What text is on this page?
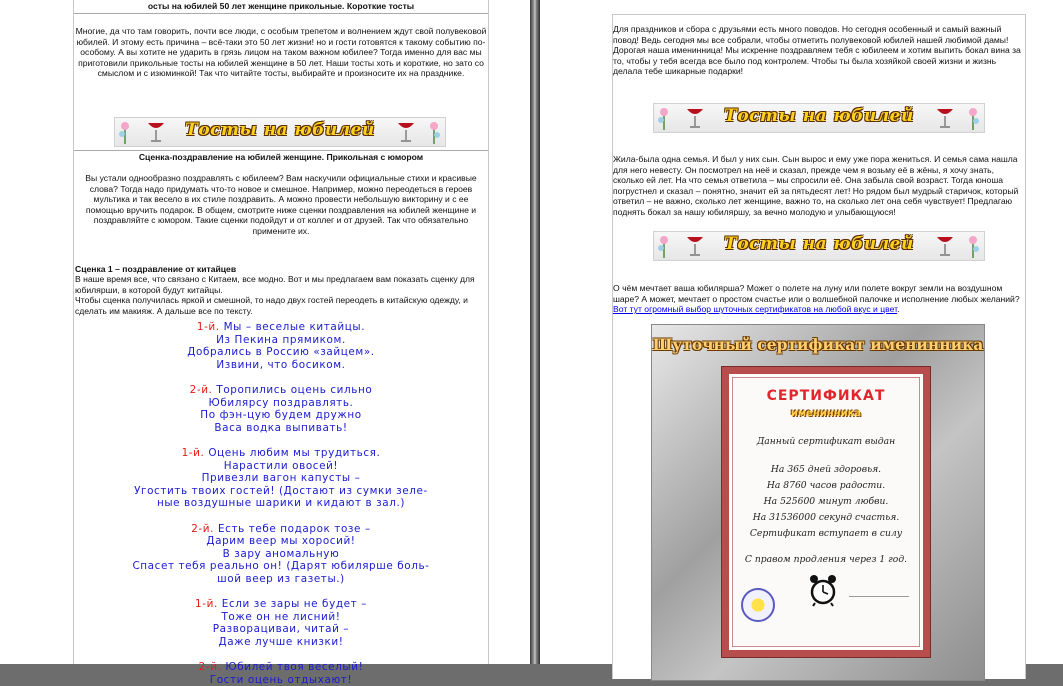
осты на юбилей 50 лет женщине прикольные. Короткие тосты
Многие, да что там говорить, почти все люди, с особым трепетом и волнением ждут свой полувековой юбилей. И этому есть причина – всё-таки это 50 лет жизни! но и гости готовятся к такому событию по-особому. А вы хотите не ударить в грязь лицом на таком важном юбилее? Тогда именно для вас мы приготовили прикольные тосты на юбилей женщине в 50 лет. Наши тосты хоть и короткие, но зато со смыслом и с изюминкой! Так что читайте тосты, выбирайте и произносите их на празднике.
Тосты на юбилей
Сценка-поздравление на юбилей женщине. Прикольная с юмором
Вы устали однообразно поздравлять с юбилеем? Вам наскучили официальные стихи и красивые слова? Тогда надо придумать что-то новое и смешное. Например, можно переодеться в героев мультика и так весело в их стиле поздравить. А можно провести небольшую викторину и с ее помощью вручить подарок. В общем, смотрите ниже сценки поздравления на юбилей женщине и поздравляйте с юмором. Такие сценки подойдут и от коллег и от друзей. Так что обязательно примените их.
Сценка 1 – поздравление от китайцев
В наше время все, что связано с Китаем, все модно. Вот и мы предлагаем вам показать сценку для юбилярши, в которой будут китайцы.
Чтобы сценка получилась яркой и смешной, то надо двух гостей переодеть в китайскую одежду, и сделать им макияж. А дальше все по тексту.
1-й. Мы – веселые китайцы.
Из Пекина прямиком.
Добрались в Россию «зайцем».
Извини, что босиком.
2-й. Торопились оцень сильно
Юбилярсу поздравлять.
По фэн-цую будем дружно
Васа водка выпивать!
1-й. Оцень любим мы трудиться.
Нарастили овосей!
Привезли вагон капусты –
Угостить твоих гостей! (Достают из сумки зеле-
ные воздушные шарики и кидают в зал.)
2-й. Есть тебе подарок тозе –
Дарим веер мы хоросий!
В зару аномальную
Спасет тебя реально он! (Дарят юбилярше боль-
шой веер из газеты.)
1-й. Если зе зары не будет –
Тоже он не лисний!
Разворациваи, читай –
Даже лучше книзки!
2-й. Юбилей твоя веселый!
Гости оцень отдыхают!
Для праздников и сбора с друзьями есть много поводов. Но сегодня особенный и самый важный повод! Ведь сегодня мы все собрали, чтобы отметить полувековой юбилей нашей любимой дамы! Дорогая наша именинница! Мы искренне поздравляем тебя с юбилеем и хотим выпить бокал вина за то, чтобы у тебя всегда все было под контролем. Чтобы ты была хозяйкой своей жизни и жизнь делала тебе шикарные подарки!
Тосты на юбилей
Жила-была одна семья. И был у них сын. Сын вырос и ему уже пора жениться. И семья сама нашла для него невесту. Он посмотрел на неё и сказал, прежде чем я возьму её в жёны, я хочу знать, сколько ей лет. На что семья ответила – мы спросили её. Она забыла свой возраст. Тогда юноша погрустнел и сказал – понятно, значит ей за пятьдесят лет! Но рядом был мудрый старичок, который ответил – не важно, сколько лет женщине, важно то, на сколько лет она себя чувствует! Предлагаю поднять бокал за нашу юбиляршу, за вечно молодую и улыбающуюся!
Тосты на юбилей
О чём мечтает ваша юбилярша? Может о полете на луну или полете вокруг земли на воздушном шаре? А может, мечтает о простом счастье или о волшебной палочке и исполнение любых желаний?Вот тут огромный выбор шуточных сертификатов на любой вкус и цвет.
Шуточный сертификат именинника
СЕРТИФИКАТ
именинника
Данный сертификат выдан
На 365 дней здоровья.
На 8760 часов радости.
На 525600 минут любви.
На 31536000 секунд счастья.
Сертификат вступает в силу
С правом продления через 1 год.
